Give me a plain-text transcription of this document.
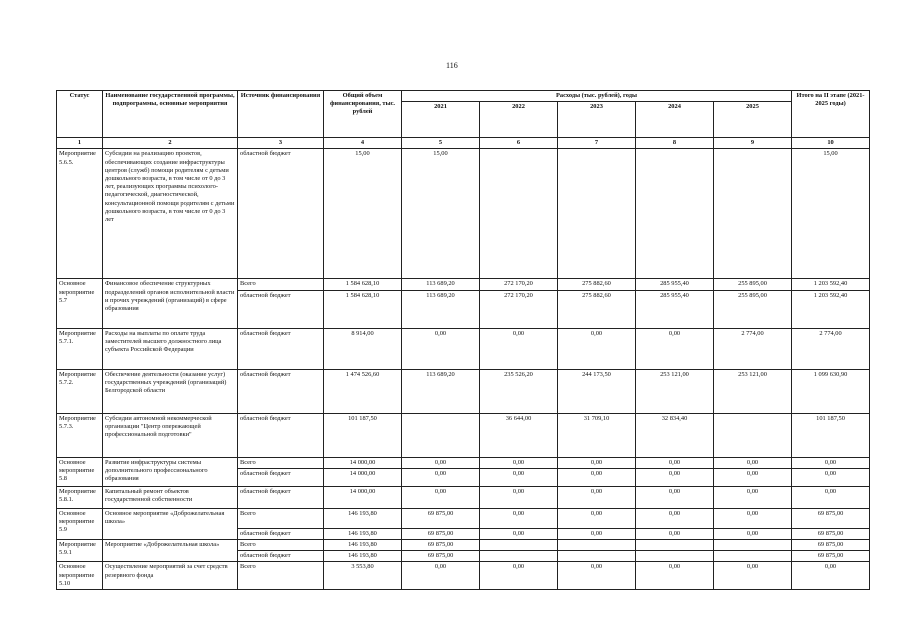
116
Статус	Наименование государственной программы, подпрограммы, основные мероприятия	Источник финансирования	Общий объем финансирования, тыс. рублей	Расходы (тыс. рублей), годы					Итого на II этапе (2021-2025 годы)
				2021	2022	2023	2024	2025	
1	2	3	4	5	6	7	8	9	10
Мероприятие 5.6.5.	Субсидии на реализацию проектов, обеспечивающих создание инфраструктуры центров (служб) помощи родителям с детьми дошкольного возраста, в том числе от 0 до 3 лет, реализующих программы психолого-педагогической, диагностической, консультационной помощи родителям с детьми дошкольного возраста, в том числе от 0 до 3 лет	областной бюджет	15,00	15,00					15,00
Основное мероприятие 5.7	Финансовое обеспечение структурных подразделений органов исполнительной власти и прочих учреждений (организаций) в сфере образования	Всего	1 584 628,10	113 689,20	272 170,20	275 882,60	285 955,40	255 895,00	1 203 592,40
		областной бюджет	1 584 628,10	113 689,20	272 170,20	275 882,60	285 955,40	255 895,00	1 203 592,40
Мероприятие 5.7.1.	Расходы на выплаты по оплате труда заместителей высшего должностного лица субъекта Российской Федерации	областной бюджет	8 914,00	0,00	0,00	0,00	0,00	2 774,00	2 774,00
Мероприятие 5.7.2.	Обеспечение деятельности (оказание услуг) государственных учреждений (организаций) Белгородской области	областной бюджет	1 474 526,60	113 689,20	235 526,20	244 173,50	253 121,00	253 121,00	1 099 630,90
Мероприятие 5.7.3.	Субсидии автономной некоммерческой организации "Центр опережающей профессиональной подготовки"	областной бюджет	101 187,50		36 644,00	31 709,10	32 834,40		101 187,50
Основное мероприятие 5.8	Развитие инфраструктуры системы дополнительного профессионального образования	Всего	14 000,00	0,00	0,00	0,00	0,00	0,00	0,00
		областной бюджет	14 000,00	0,00	0,00	0,00	0,00	0,00	0,00
Мероприятие 5.8.1.	Капитальный ремонт объектов государственной собственности	областной бюджет	14 000,00	0,00	0,00	0,00	0,00	0,00	0,00
Основное мероприятие 5.9	Основное мероприятие «Доброжелательная школа»	Всего	146 193,80	69 875,00	0,00	0,00	0,00	0,00	69 875,00
		областной бюджет	146 193,80	69 875,00	0,00	0,00	0,00	0,00	69 875,00
Мероприятие 5.9.1	Мероприятие «Доброжелательная школа»	Всего	146 193,80	69 875,00					69 875,00
		областной бюджет	146 193,80	69 875,00					69 875,00
Основное мероприятие 5.10	Осуществление мероприятий за счет средств резервного фонда	Всего	3 553,80	0,00	0,00	0,00	0,00	0,00	0,00
